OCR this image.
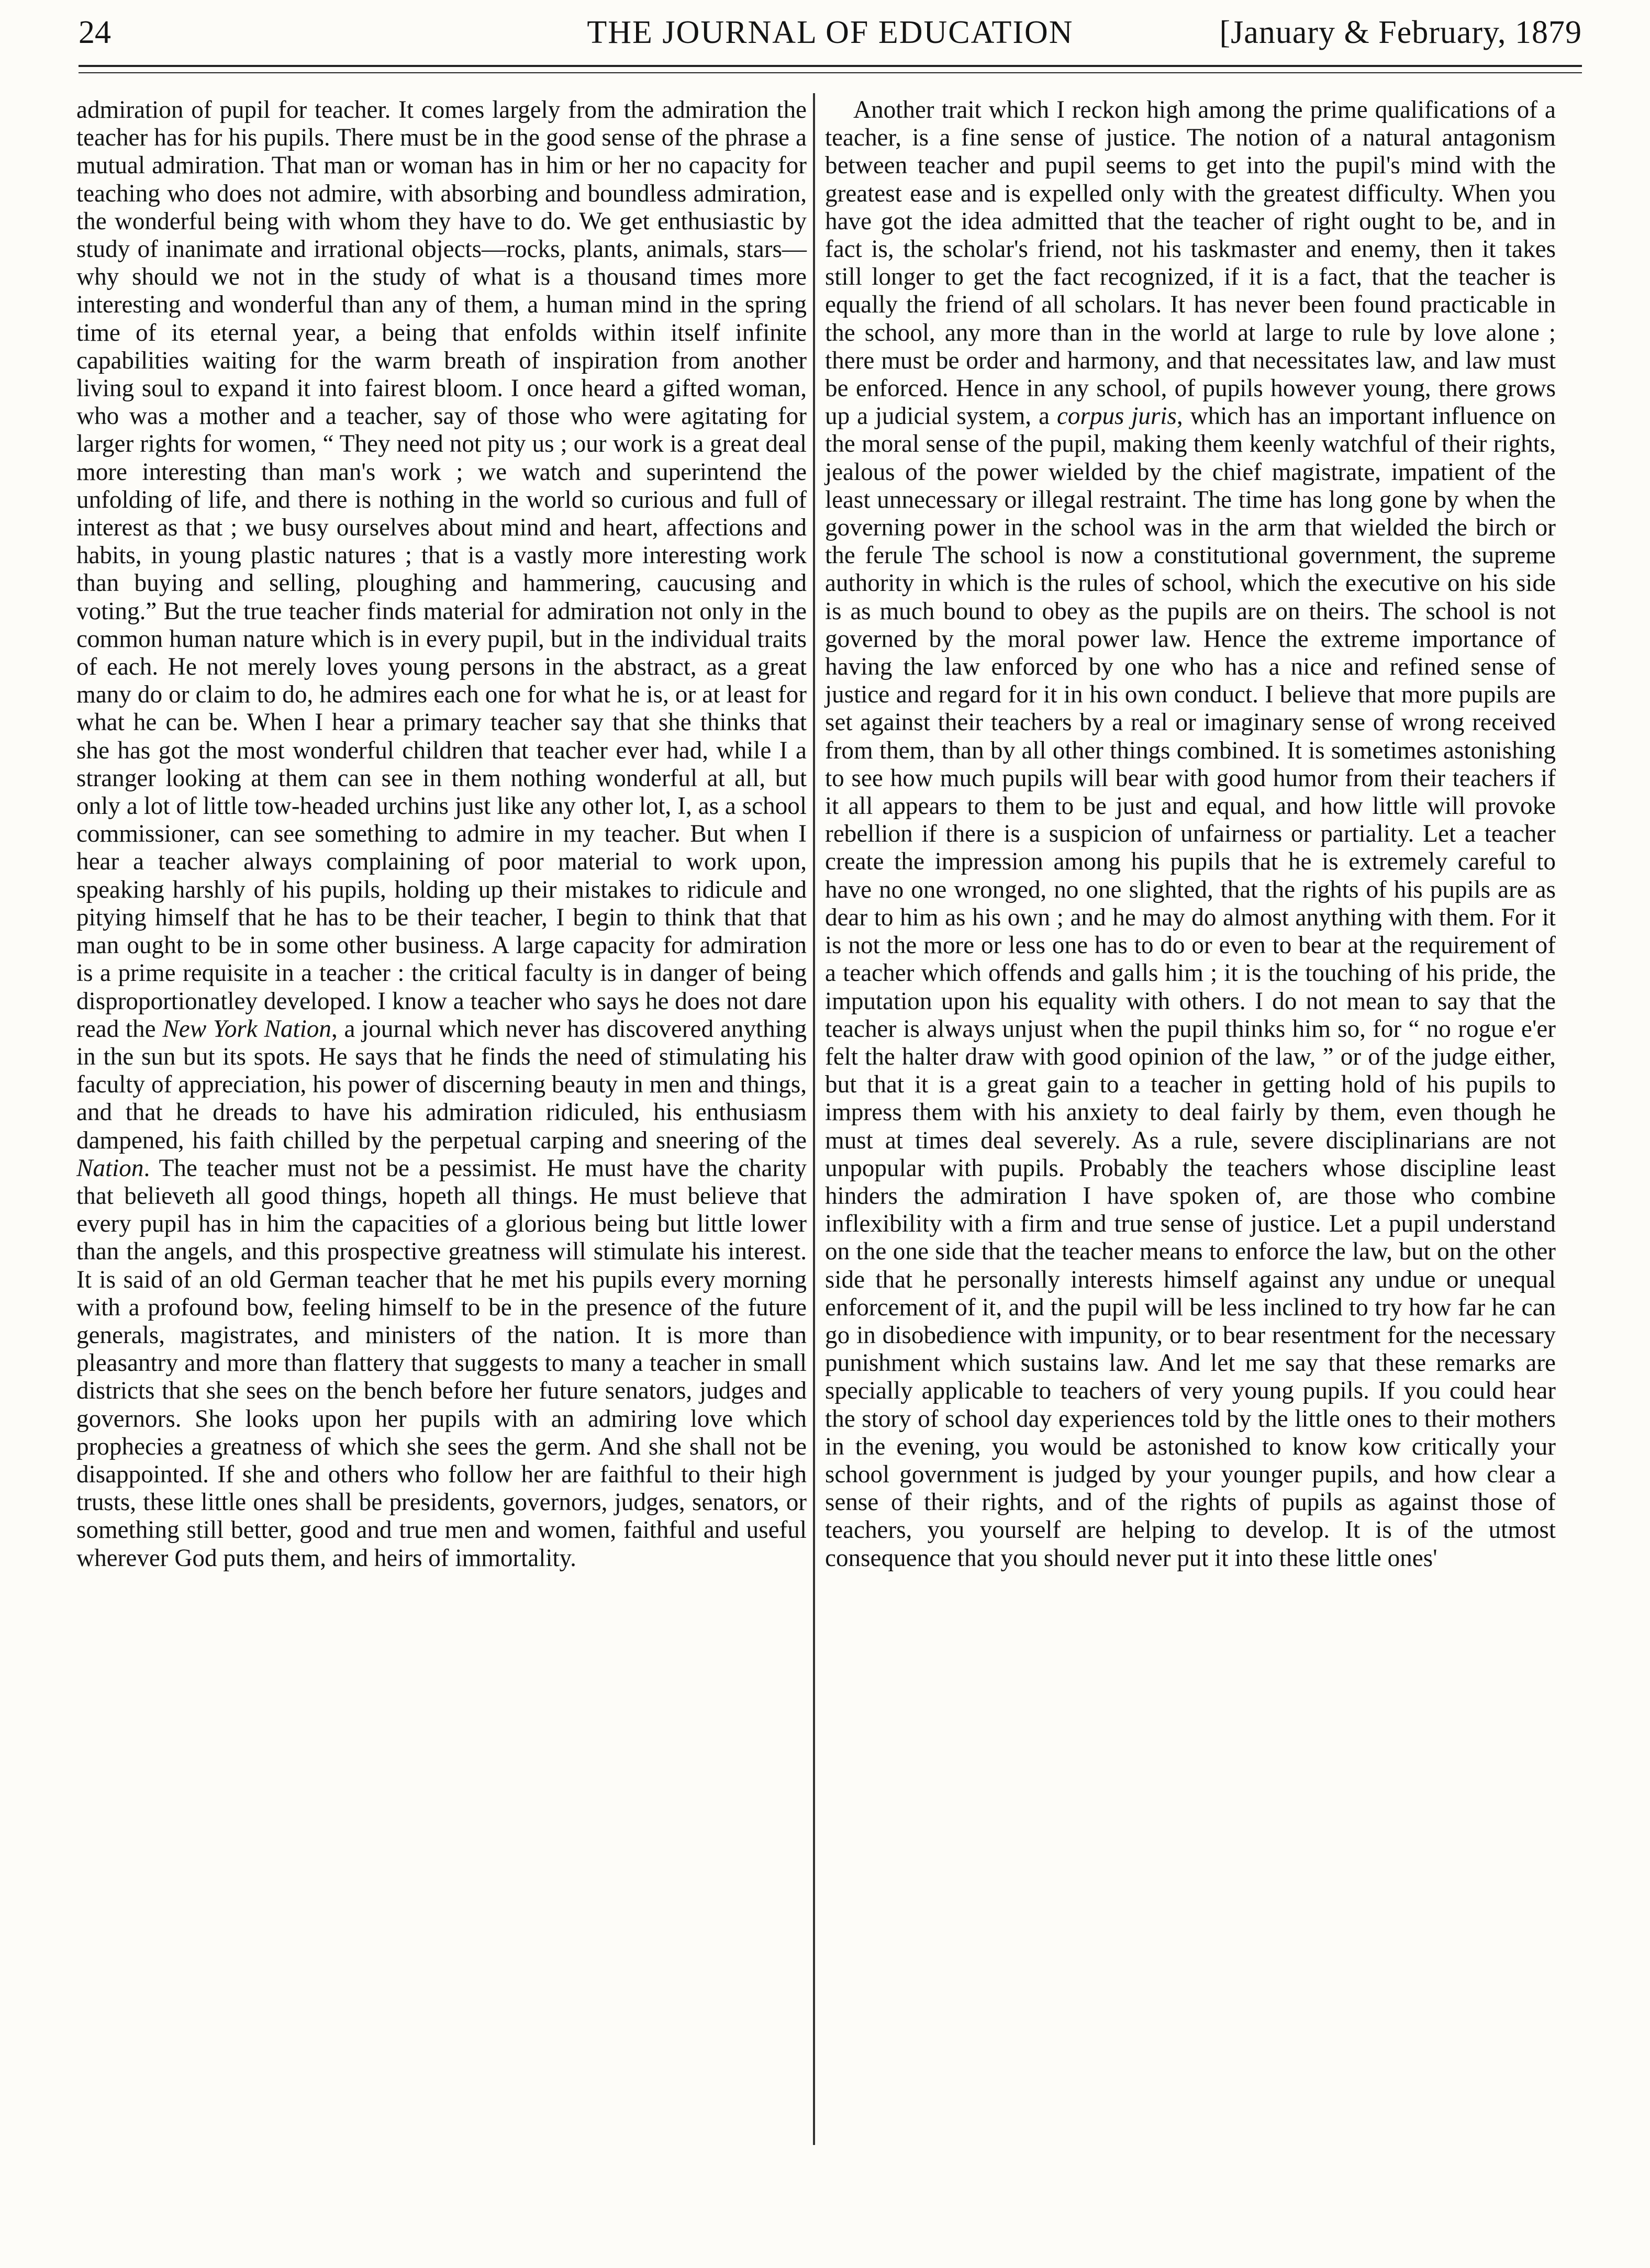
24	THE JOURNAL OF EDUCATION	[January & February, 1879

admiration of pupil for teacher. It comes largely from the admiration the teacher has for his pupils. There must be in the good sense of the phrase a mutual admiration. That man or woman has in him or her no capacity for teaching who does not admire, with absorbing and boundless admiration, the wonderful being with whom they have to do. We get enthusiastic by study of inanimate and irrational objects—rocks, plants, animals, stars—why should we not in the study of what is a thousand times more interesting and wonderful than any of them, a human mind in the spring time of its eternal year, a being that enfolds within itself infinite capabilities waiting for the warm breath of inspiration from another living soul to expand it into fairest bloom. I once heard a gifted woman, who was a mother and a teacher, say of those who were agitating for larger rights for women, “ They need not pity us ; our work is a great deal more interesting than man's work ; we watch and superintend the unfolding of life, and there is nothing in the world so curious and full of interest as that ; we busy ourselves about mind and heart, affections and habits, in young plastic natures ; that is a vastly more interesting work than buying and selling, ploughing and hammering, caucusing and voting.” But the true teacher finds material for admiration not only in the common human nature which is in every pupil, but in the individual traits of each. He not merely loves young persons in the abstract, as a great many do or claim to do, he admires each one for what he is, or at least for what he can be. When I hear a primary teacher say that she thinks that she has got the most wonderful children that teacher ever had, while I a stranger looking at them can see in them nothing wonderful at all, but only a lot of little tow-headed urchins just like any other lot, I, as a school commissioner, can see something to admire in my teacher. But when I hear a teacher always complaining of poor material to work upon, speaking harshly of his pupils, holding up their mistakes to ridicule and pitying himself that he has to be their teacher, I begin to think that that man ought to be in some other business. A large capacity for admiration is a prime requisite in a teacher : the critical faculty is in danger of being disproportionatley developed. I know a teacher who says he does not dare read the New York Nation, a journal which never has discovered anything in the sun but its spots. He says that he finds the need of stimulating his faculty of appreciation, his power of discerning beauty in men and things, and that he dreads to have his admiration ridiculed, his enthusiasm dampened, his faith chilled by the perpetual carping and sneering of the Nation. The teacher must not be a pessimist. He must have the charity that believeth all good things, hopeth all things. He must believe that every pupil has in him the capacities of a glorious being but little lower than the angels, and this prospective greatness will stimulate his interest. It is said of an old German teacher that he met his pupils every morning with a profound bow, feeling himself to be in the presence of the future generals, magistrates, and ministers of the nation. It is more than pleasantry and more than flattery that suggests to many a teacher in small districts that she sees on the bench before her future senators, judges and governors. She looks upon her pupils with an admiring love which prophecies a greatness of which she sees the germ. And she shall not be disappointed. If she and others who follow her are faithful to their high trusts, these little ones shall be presidents, governors, judges, senators, or something still better, good and true men and women, faithful and useful wherever God puts them, and heirs of immortality.

Another trait which I reckon high among the prime qualifications of a teacher, is a fine sense of justice. The notion of a natural antagonism between teacher and pupil seems to get into the pupil's mind with the greatest ease and is expelled only with the greatest difficulty. When you have got the idea admitted that the teacher of right ought to be, and in fact is, the scholar's friend, not his taskmaster and enemy, then it takes still longer to get the fact recognized, if it is a fact, that the teacher is equally the friend of all scholars. It has never been found practicable in the school, any more than in the world at large to rule by love alone ; there must be order and harmony, and that necessitates law, and law must be enforced. Hence in any school, of pupils however young, there grows up a judicial system, a corpus juris, which has an important influence on the moral sense of the pupil, making them keenly watchful of their rights, jealous of the power wielded by the chief magistrate, impatient of the least unnecessary or illegal restraint. The time has long gone by when the governing power in the school was in the arm that wielded the birch or the ferule The school is now a constitutional government, the supreme authority in which is the rules of school, which the executive on his side is as much bound to obey as the pupils are on theirs. The school is not governed by the moral power law. Hence the extreme importance of having the law enforced by one who has a nice and refined sense of justice and regard for it in his own conduct. I believe that more pupils are set against their teachers by a real or imaginary sense of wrong received from them, than by all other things combined. It is sometimes astonishing to see how much pupils will bear with good humor from their teachers if it all appears to them to be just and equal, and how little will provoke rebellion if there is a suspicion of unfairness or partiality. Let a teacher create the impression among his pupils that he is extremely careful to have no one wronged, no one slighted, that the rights of his pupils are as dear to him as his own ; and he may do almost anything with them. For it is not the more or less one has to do or even to bear at the requirement of a teacher which offends and galls him ; it is the touching of his pride, the imputation upon his equality with others. I do not mean to say that the teacher is always unjust when the pupil thinks him so, for “ no rogue e'er felt the halter draw with good opinion of the law, ” or of the judge either, but that it is a great gain to a teacher in getting hold of his pupils to impress them with his anxiety to deal fairly by them, even though he must at times deal severely. As a rule, severe disciplinarians are not unpopular with pupils. Probably the teachers whose discipline least hinders the admiration I have spoken of, are those who combine inflexibility with a firm and true sense of justice. Let a pupil understand on the one side that the teacher means to enforce the law, but on the other side that he personally interests himself against any undue or unequal enforcement of it, and the pupil will be less inclined to try how far he can go in disobedience with impunity, or to bear resentment for the necessary punishment which sustains law. And let me say that these remarks are specially applicable to teachers of very young pupils. If you could hear the story of school day experiences told by the little ones to their mothers in the evening, you would be astonished to know kow critically your school government is judged by your younger pupils, and how clear a sense of their rights, and of the rights of pupils as against those of teachers, you yourself are helping to develop. It is of the utmost consequence that you should never put it into these little ones'
